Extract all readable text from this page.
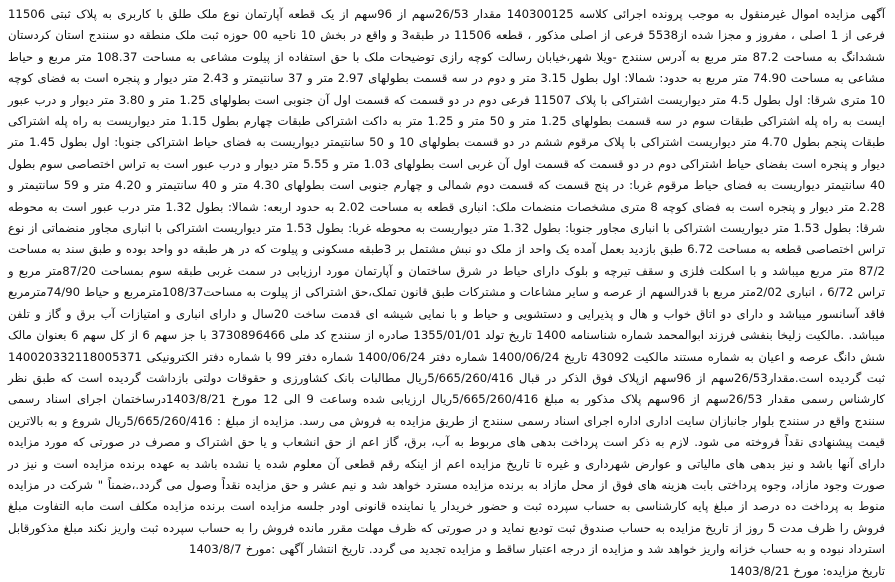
آگهی مزایده اموال غیرمنقول به موجب پرونده اجرائی کلاسه 140300125 مقدار 26/53سهم از 96سهم از یک قطعه آپارتمان نوع ملک طلق با کاربری به پلاک ثبتی 11506 فرعی از 1 اصلی ، مفروز و مجزا شده از5538 فرعی از اصلی مذکور ، قطعه 11506 در طبقه3 و واقع در بخش 10 ناحیه 00 حوزه ثبت ملک منطقه دو سنندج استان کردستان ششدانگ به مساحت 87.2 متر مربع به آدرس سنندج -ویلا شهر،خیابان رسالت کوچه رازی توضیحات ملک با حق استفاده از پیلوت مشاعی به مساحت 108.37 متر مربع و حیاط مشاعی به مساحت 74.90 متر مربع به حدود: شمالا: اول بطول 3.15 متر و دوم در سه قسمت بطولهای 2.97 متر و 37 سانتیمتر و 2.43 متر دیوار و پنجره است به فضای کوچه 10 متری شرقا: اول بطول 4.5 متر دیواریست اشتراکی با پلاک 11507 فرعی دوم در دو قسمت که قسمت اول آن جنوبی است بطولهای 1.25 متر و 3.80 متر دیوار و درب عبور ایست به راه پله اشتراکی طبقات سوم در سه قسمت بطولهای 1.25 متر و 50 متر و 1.25 متر به داکت اشتراکی طبقات چهارم بطول 1.15 متر دیواریست به راه پله اشتراکی طبقات پنجم بطول 4.70 متر دیواریست اشتراکی با پلاک مرقوم ششم در دو قسمت بطولهای 10 و 50 سانتیمتر دیواریست به فضای حیاط اشتراکی جنوبا: اول بطول 1.45 متر دیوار و پنجره است بفضای حیاط اشتراکی دوم در دو قسمت که قسمت اول آن غربی است بطولهای 1.03 متر و 5.55 متر دیوار و درب عبور است به تراس اختصاصی سوم بطول 40 سانتیمتر دیواریست به فضای حیاط مرقوم غربا: در پنج قسمت که قسمت دوم شمالی و چهارم جنوبی است بطولهای 4.30 متر و 40 سانتیمتر و 4.20 متر و 59 سانتیمتر و 2.28 متر دیوار و پنجره است به فضای کوچه 8 متری مشخصات منضمات ملک: انباری قطعه به مساحت 2.02 به حدود اربعه: شمالا: بطول 1.32 متر درب عبور است به محوطه شرقا: بطول 1.53 متر دیواریست اشتراکی با انباری مجاور جنوبا: بطول 1.32 متر دیواریست به محوطه غربا: بطول 1.53 متر دیواریست اشتراکی با انباری مجاور منضماتی از نوع تراس اختصاصی قطعه به مساحت 6.72 طبق بازدید بعمل آمده یک واحد از ملک دو نبش مشتمل بر 3طبقه مسکونی و پیلوت که در هر طبقه دو واحد بوده و طبق سند به مساحت 87/2 متر مربع میباشد و با اسکلت فلزی و سقف تیرچه و بلوک دارای حیاط در شرق ساختمان و آپارتمان مورد ارزیابی در سمت غربی طبقه سوم بمساحت 87/20متر مربع و تراس 6/72 ، انباری 2/02متر مربع با قدرالسهم از عرصه و سایر مشاعات و مشترکات طبق قانون تملک،حق اشتراکی از پیلوت به مساحت108/37مترمربع و حیاط 74/90مترمربع فاقد آسانسور میباشد و دارای دو اتاق خواب و هال و پذیرایی و دستشویی و حیاط و با نمایی شیشه ای قدمت ساخت 20سال و دارای انباری و امتیازات آب برق و گاز و تلفن میباشد. .مالکیت زلیخا بنفشی فرزند ابوالمحمد شماره شناسنامه 1400 تاریخ تولد 1355/01/01 صادره از سنندج کد ملی 3730896466 با جز سهم 6 از کل سهم 6 بعنوان مالک شش دانگ عرصه و اعیان به شماره مستند مالکیت 43092 تاریخ 1400/06/24 شماره دفتر 1400/06/24 شماره دفتر 99 با شماره دفتر الکترونیکی 140020332118005371 ثبت گردیده است.مقدار26/53سهم از 96سهم ازپلاک فوق الذکر در قبال 5/665/260/416ریال مطالبات بانک کشاورزی و حقوقات دولتی بازداشت گردیده است که طبق نظر کارشناس رسمی مقدار 26/53سهم از 96سهم پلاک مذکور به مبلغ 5/665/260/416ریال ارزیابی شده وساعت 9 الی 12 مورخ 1403/8/21درساختمان اجرای اسناد رسمی سنندج واقع در سنندج بلوار جانبازان سایت اداری اداره اجرای اسناد رسمی سنندج از طریق مزایده به فروش می رسد. مزایده از مبلغ : 5/665/260/416ریال شروع و به بالاترین قیمت پیشنهادی نقداً فروخته می شود. لازم به ذکر است پرداخت بدهی های مربوط به آب، برق، گاز اعم از حق انشعاب و یا حق اشتراک و مصرف در صورتی که مورد مزایده دارای آنها باشد و نیز بدهی های مالیاتی و عوارض شهرداری و غیره تا تاریخ مزایده اعم از اینکه رقم قطعی آن معلوم شده یا نشده باشد به عهده برنده مزایده است و نیز در صورت وجود مازاد، وجوه پرداختی بابت هزینه های فوق از محل مازاد به برنده مزایده مسترد خواهد شد و نیم عشر و حق مزایده نقداً وصول می گردد.،ضمناً " شرکت در مزایده منوط به پرداخت ده درصد از مبلغ پایه کارشناسی به حساب سپرده ثبت و حضور خریدار یا نماینده قانونی اودر جلسه مزایده است برنده مزایده مکلف است مابه التفاوت مبلغ فروش را ظرف مدت 5 روز از تاریخ مزایده به حساب صندوق ثبت تودیع نماید و در صورتی که ظرف مهلت مقرر مانده فروش را به حساب سپرده ثبت واریز نکند مبلغ مذکورقابل استرداد نبوده و به حساب خزانه واریز خواهد شد و مزایده از درجه اعتبار ساقط و مزایده تجدید می گردد. تاریخ انتشار آگهی :مورخ 1403/8/7

تاریخ مزایده: مورخ 1403/8/21
